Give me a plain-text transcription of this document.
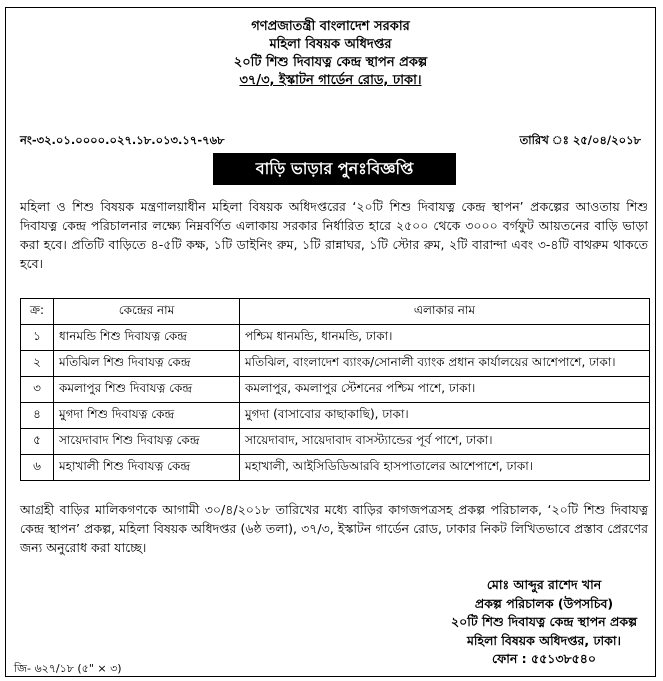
গণপ্রজাতন্ত্রী বাংলাদেশ সরকার
মহিলা বিষয়ক অধিদপ্তর
২০টি শিশু দিবাযত্ন কেন্দ্র স্থাপন প্রকল্প
৩৭/৩, ইস্কাটন গার্ডেন রোড, ঢাকা।
নং-৩২.০১.০০০০.০২৭.১৮.০১৩.১৭-৭৬৮	তারিখ ঃ ২৫/০৪/২০১৮
বাড়ি ভাড়ার পুনঃবিজ্ঞপ্তি
মহিলা ও শিশু বিষয়ক মন্ত্রণালয়াধীন মহিলা বিষয়ক অধিদপ্তরের ‘২০টি শিশু দিবাযত্ন কেন্দ্র স্থাপন’ প্রকল্পের আওতায় শিশু দিবাযত্ন কেন্দ্র পরিচালনার লক্ষ্যে নিম্নবর্ণিত এলাকায় সরকার নির্ধারিত হারে ২৫০০ থেকে ৩০০০ বর্গফুট আয়তনের বাড়ি ভাড়া করা হবে। প্রতিটি বাড়িতে ৪-৫টি কক্ষ, ১টি ডাইনিং রুম, ১টি রান্নাঘর, ১টি স্টোর রুম, ২টি বারান্দা এবং ৩-৪টি বাথরুম থাকতে হবে।
ক্র:	কেন্দ্রের নাম	এলাকার নাম
১	ধানমন্ডি শিশু দিবাযত্ন কেন্দ্র	পশ্চিম ধানমন্ডি, ধানমন্ডি, ঢাকা।
২	মতিঝিল শিশু দিবাযত্ন কেন্দ্র	মতিঝিল, বাংলাদেশ ব্যাংক/সোনালী ব্যাংক প্রধান কার্যালয়ের আশেপাশে, ঢাকা।
৩	কমলাপুর শিশু দিবাযত্ন কেন্দ্র	কমলাপুর, কমলাপুর স্টেশনের পশ্চিম পাশে, ঢাকা।
৪	মুগদা শিশু দিবাযত্ন কেন্দ্র	মুগদা (বাসাবোর কাছাকাছি), ঢাকা।
৫	সায়েদাবাদ শিশু দিবাযত্ন কেন্দ্র	সায়েদাবাদ, সায়েদাবাদ বাসস্ট্যান্ডের পূর্ব পাশে, ঢাকা।
৬	মহাখালী শিশু দিবাযত্ন কেন্দ্র	মহাখালী, আইসিডিডিআরবি হাসপাতালের আশেপাশে, ঢাকা।
আগ্রহী বাড়ির মালিকগণকে আগামী ৩০/৪/২০১৮ তারিখের মধ্যে বাড়ির কাগজপত্রসহ প্রকল্প পরিচালক, ‘২০টি শিশু দিবাযত্ন কেন্দ্র স্থাপন’ প্রকল্প, মহিলা বিষয়ক অধিদপ্তর (৬ষ্ঠ তলা), ৩৭/৩, ইস্কাটন গার্ডেন রোড, ঢাকার নিকট লিখিতভাবে প্রস্তাব প্রেরণের জন্য অনুরোধ করা যাচ্ছে।
মোঃ আব্দুর রাশেদ খান
প্রকল্প পরিচালক (উপসচিব)
২০টি শিশু দিবাযত্ন কেন্দ্র স্থাপন প্রকল্প
মহিলা বিষয়ক অধিদপ্তর, ঢাকা।
ফোন : ৫৫১৩৮৫৪০
জি- ৬২৭/১৮ (৫" × ৩)
